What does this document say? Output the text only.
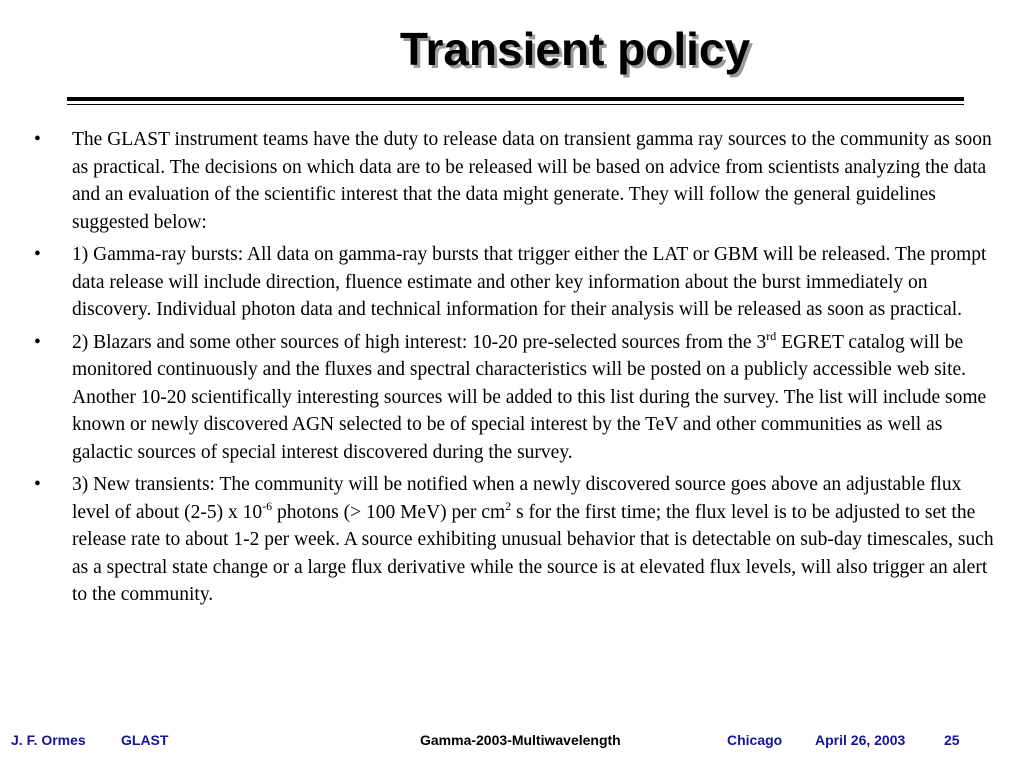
Transient policy
• The GLAST instrument teams have the duty to release data on transient gamma ray sources to the community as soon as practical. The decisions on which data are to be released will be based on advice from scientists analyzing the data and an evaluation of the scientific interest that the data might generate. They will follow the general guidelines suggested below:
• 1) Gamma-ray bursts: All data on gamma-ray bursts that trigger either the LAT or GBM will be released. The prompt data release will include direction, fluence estimate and other key information about the burst immediately on discovery. Individual photon data and technical information for their analysis will be released as soon as practical.
• 2) Blazars and some other sources of high interest: 10-20 pre-selected sources from the 3rd EGRET catalog will be monitored continuously and the fluxes and spectral characteristics will be posted on a publicly accessible web site. Another 10-20 scientifically interesting sources will be added to this list during the survey. The list will include some known or newly discovered AGN selected to be of special interest by the TeV and other communities as well as galactic sources of special interest discovered during the survey.
• 3) New transients: The community will be notified when a newly discovered source goes above an adjustable flux level of about (2-5) x $10^{-6}$ photons (> 100 MeV) per $cm^2$ s for the first time; the flux level is to be adjusted to set the release rate to about 1-2 per week. A source exhibiting unusual behavior that is detectable on sub-day timescales, such as a spectral state change or a large flux derivative while the source is at elevated flux levels, will also trigger an alert to the community.
J. F. Ormes	GLAST	Gamma-2003-Multiwavelength	Chicago April 26, 2003	25
